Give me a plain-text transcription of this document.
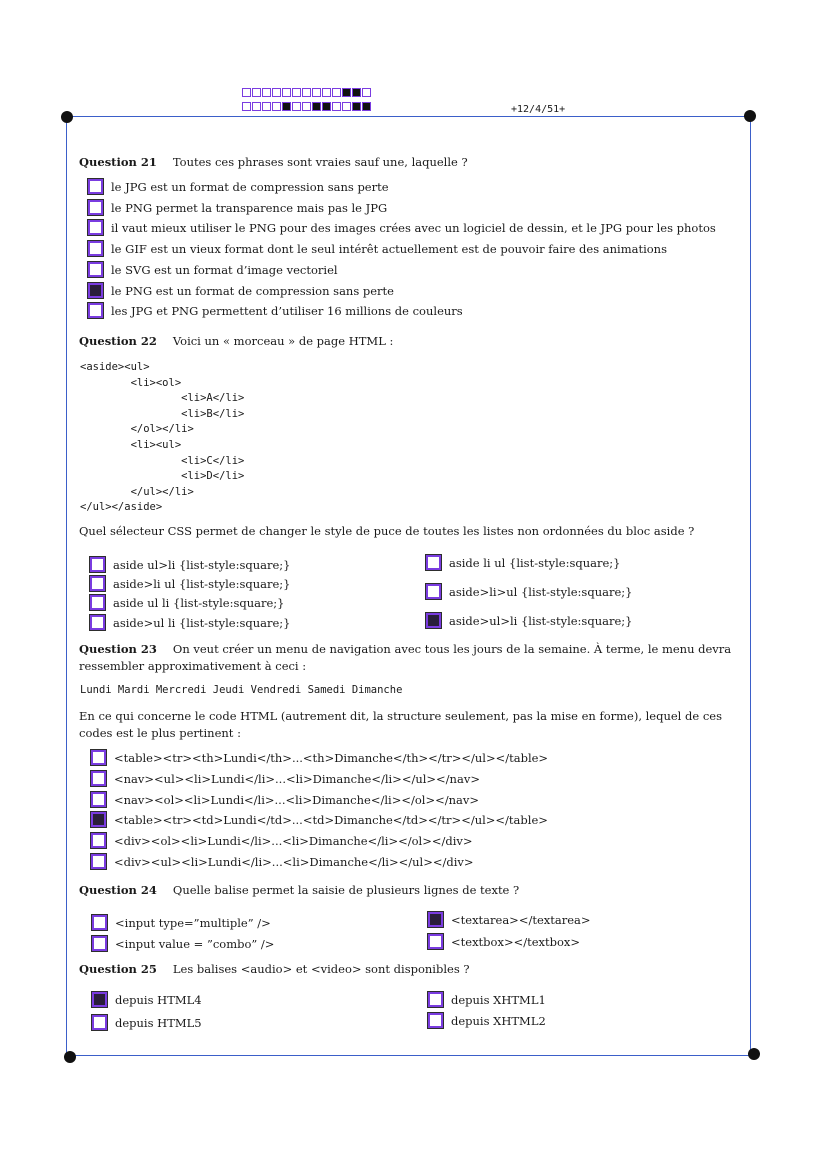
+12/4/51+
Question 21 Toutes ces phrases sont vraies sauf une, laquelle ?
le JPG est un format de compression sans perte
le PNG permet la transparence mais pas le JPG
il vaut mieux utiliser le PNG pour des images crées avec un logiciel de dessin, et le JPG pour les photos
le GIF est un vieux format dont le seul intérêt actuellement est de pouvoir faire des animations
le SVG est un format d’image vectoriel
le PNG est un format de compression sans perte
les JPG et PNG permettent d’utiliser 16 millions de couleurs
Question 22 Voici un « morceau » de page HTML :
<aside><ul>
<li><ol>
<li>A</li>
<li>B</li>
</ol></li>
<li><ul>
<li>C</li>
<li>D</li>
</ul></li>
</ul></aside>
Quel sélecteur CSS permet de changer le style de puce de toutes les listes non ordonnées du bloc aside ?
aside ul>li {list-style:square;}
aside>li ul {list-style:square;}
aside ul li {list-style:square;}
aside>ul li {list-style:square;}
aside li ul {list-style:square;}
aside>li>ul {list-style:square;}
aside>ul>li {list-style:square;}
Question 23 On veut créer un menu de navigation avec tous les jours de la semaine. À terme, le menu devra ressembler approximativement à ceci :
Lundi Mardi Mercredi Jeudi Vendredi Samedi Dimanche
En ce qui concerne le code HTML (autrement dit, la structure seulement, pas la mise en forme), lequel de ces codes est le plus pertinent :
<table><tr><th>Lundi</th>...<th>Dimanche</th></tr></ul></table>
<nav><ul><li>Lundi</li>...<li>Dimanche</li></ul></nav>
<nav><ol><li>Lundi</li>...<li>Dimanche</li></ol></nav>
<table><tr><td>Lundi</td>...<td>Dimanche</td></tr></ul></table>
<div><ol><li>Lundi</li>...<li>Dimanche</li></ol></div>
<div><ul><li>Lundi</li>...<li>Dimanche</li></ul></div>
Question 24 Quelle balise permet la saisie de plusieurs lignes de texte ?
<input type=”multiple” />
<input value = ”combo” />
<textarea></textarea>
<textbox></textbox>
Question 25 Les balises <audio> et <video> sont disponibles ?
depuis HTML4
depuis HTML5
depuis XHTML1
depuis XHTML2
